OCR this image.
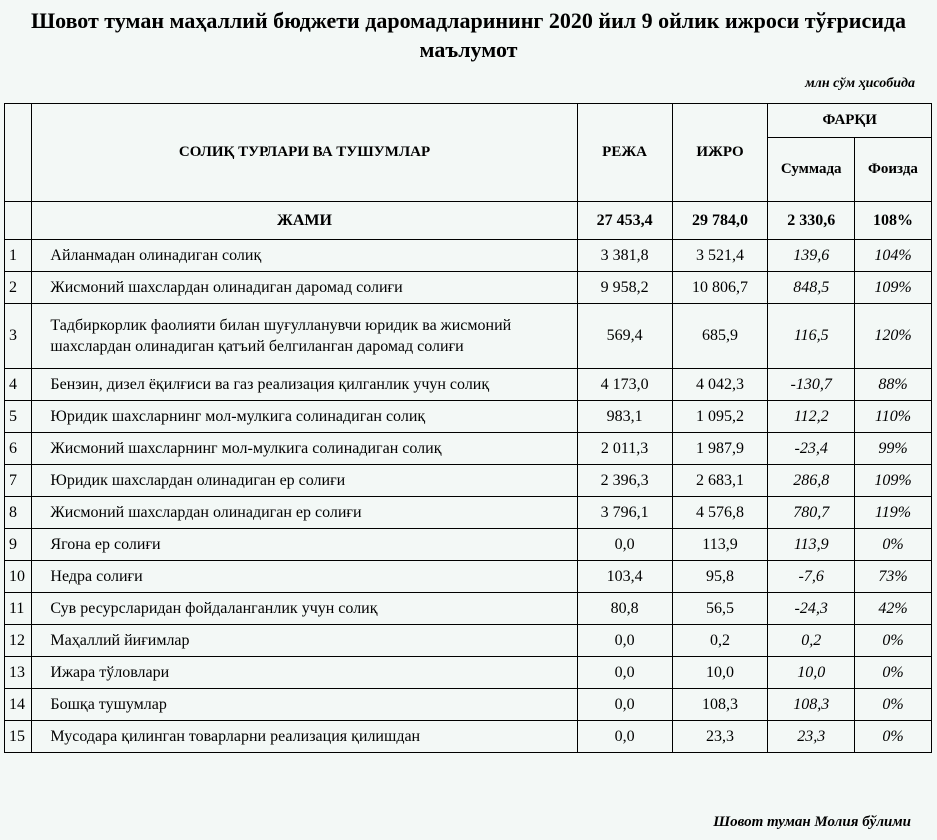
Шовот туман маҳаллий бюджети даромадларининг 2020 йил 9 ойлик ижроси тўғрисида
маълумот
млн сўм ҳисобида
	СОЛИҚ ТУРЛАРИ ВА ТУШУМЛАР	РЕЖА	ИЖРО	ФАРҚИ	
				Суммада	Фоизда
	ЖАМИ	27 453,4	29 784,0	2 330,6	108%
1	Айланмадан олинадиган солиқ	3 381,8	3 521,4	139,6	104%
2	Жисмоний шахслардан олинадиган даромад солиғи	9 958,2	10 806,7	848,5	109%
3	Тадбиркорлик фаолияти билан шуғулланувчи юридик ва жисмоний шахслардан олинадиган қатъий белгиланган даромад солиғи	569,4	685,9	116,5	120%
4	Бензин, дизел ёқилғиси ва газ реализация қилганлик учун солиқ	4 173,0	4 042,3	-130,7	88%
5	Юридик шахсларнинг мол-мулкига солинадиган солиқ	983,1	1 095,2	112,2	110%
6	Жисмоний шахсларнинг мол-мулкига солинадиган солиқ	2 011,3	1 987,9	-23,4	99%
7	Юридик шахслардан олинадиган ер солиғи	2 396,3	2 683,1	286,8	109%
8	Жисмоний шахслардан олинадиган ер солиғи	3 796,1	4 576,8	780,7	119%
9	Ягона ер солиғи	0,0	113,9	113,9	0%
10	Недра солиғи	103,4	95,8	-7,6	73%
11	Сув ресурсларидан фойдаланганлик учун солиқ	80,8	56,5	-24,3	42%
12	Маҳаллий йиғимлар	0,0	0,2	0,2	0%
13	Ижара тўловлари	0,0	10,0	10,0	0%
14	Бошқа тушумлар	0,0	108,3	108,3	0%
15	Мусодара қилинган товарларни реализация қилишдан	0,0	23,3	23,3	0%
Шовот туман Молия бўлими
